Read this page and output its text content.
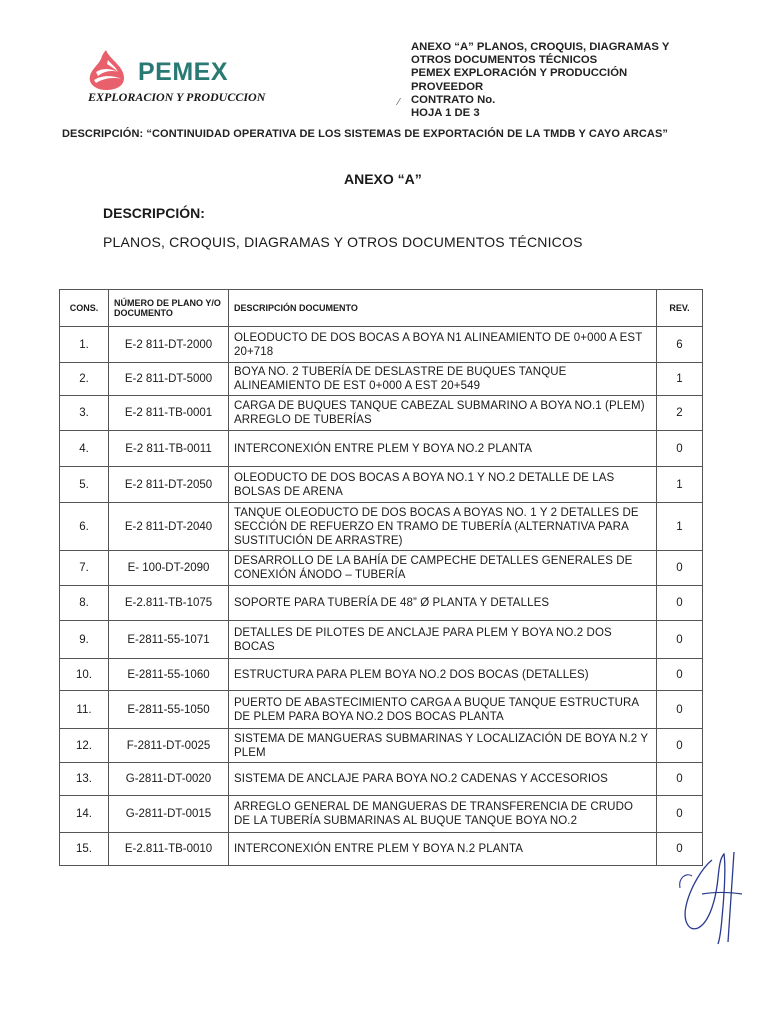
PEMEX
EXPLORACION Y PRODUCCION
ANEXO “A” PLANOS, CROQUIS, DIAGRAMAS Y
OTROS DOCUMENTOS TÉCNICOS
PEMEX EXPLORACIÓN Y PRODUCCIÓN
PROVEEDOR
CONTRATO No.
HOJA 1 DE 3
⁄
DESCRIPCIÓN: “CONTINUIDAD OPERATIVA DE LOS SISTEMAS DE EXPORTACIÓN DE LA TMDB Y CAYO ARCAS”
ANEXO “A”
DESCRIPCIÓN:
PLANOS, CROQUIS, DIAGRAMAS Y OTROS DOCUMENTOS TÉCNICOS
CONS.	NÚMERO DE PLANO Y/O DOCUMENTO	DESCRIPCIÓN DOCUMENTO	REV.
1.	E-2 811-DT-2000	OLEODUCTO DE DOS BOCAS A BOYA N1 ALINEAMIENTO DE 0+000 A EST 20+718	6
2.	E-2 811-DT-5000	BOYA NO. 2 TUBERÍA DE DESLASTRE DE BUQUES TANQUE ALINEAMIENTO DE EST 0+000 A EST 20+549	1
3.	E-2 811-TB-0001	CARGA DE BUQUES TANQUE CABEZAL SUBMARINO A BOYA NO.1 (PLEM) ARREGLO DE TUBERÍAS	2
4.	E-2 811-TB-0011	INTERCONEXIÓN ENTRE PLEM Y BOYA NO.2 PLANTA	0
5.	E-2 811-DT-2050	OLEODUCTO DE DOS BOCAS A BOYA NO.1 Y NO.2 DETALLE DE LAS BOLSAS DE ARENA	1
6.	E-2 811-DT-2040	TANQUE OLEODUCTO DE DOS BOCAS A BOYAS NO. 1 Y 2 DETALLES DE SECCIÓN DE REFUERZO EN TRAMO DE TUBERÍA (ALTERNATIVA PARA SUSTITUCIÓN DE ARRASTRE)	1
7.	E- 100-DT-2090	DESARROLLO DE LA BAHÍA DE CAMPECHE DETALLES GENERALES DE CONEXIÓN ÁNODO – TUBERÍA	0
8.	E-2.811-TB-1075	SOPORTE PARA TUBERÍA DE 48” Ø PLANTA Y DETALLES	0
9.	E-2811-55-1071	DETALLES DE PILOTES DE ANCLAJE PARA PLEM Y BOYA NO.2 DOS BOCAS	0
10.	E-2811-55-1060	ESTRUCTURA PARA PLEM BOYA NO.2 DOS BOCAS (DETALLES)	0
11.	E-2811-55-1050	PUERTO DE ABASTECIMIENTO CARGA A BUQUE TANQUE ESTRUCTURA DE PLEM PARA BOYA NO.2 DOS BOCAS PLANTA	0
12.	F-2811-DT-0025	SISTEMA DE MANGUERAS SUBMARINAS Y LOCALIZACIÓN DE BOYA N.2 Y PLEM	0
13.	G-2811-DT-0020	SISTEMA DE ANCLAJE PARA BOYA NO.2 CADENAS Y ACCESORIOS	0
14.	G-2811-DT-0015	ARREGLO GENERAL DE MANGUERAS DE TRANSFERENCIA DE CRUDO DE LA TUBERÍA SUBMARINAS AL BUQUE TANQUE BOYA NO.2	0
15.	E-2.811-TB-0010	INTERCONEXIÓN ENTRE PLEM Y BOYA N.2 PLANTA	0
